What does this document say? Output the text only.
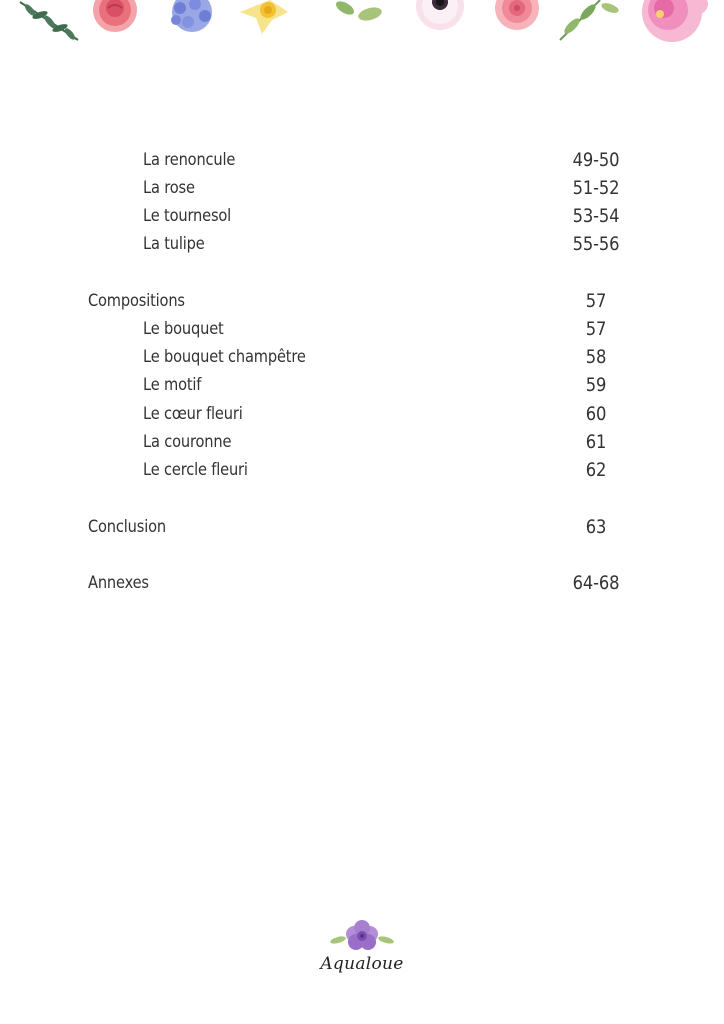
La renoncule	49-50
La rose	51-52
Le tournesol	53-54
La tulipe	55-56
Compositions	57
Le bouquet	57
Le bouquet champêtre	58
Le motif	59
Le cœur fleuri	60
La couronne	61
Le cercle fleuri	62
Conclusion	63
Annexes	64-68
Aqualoue
